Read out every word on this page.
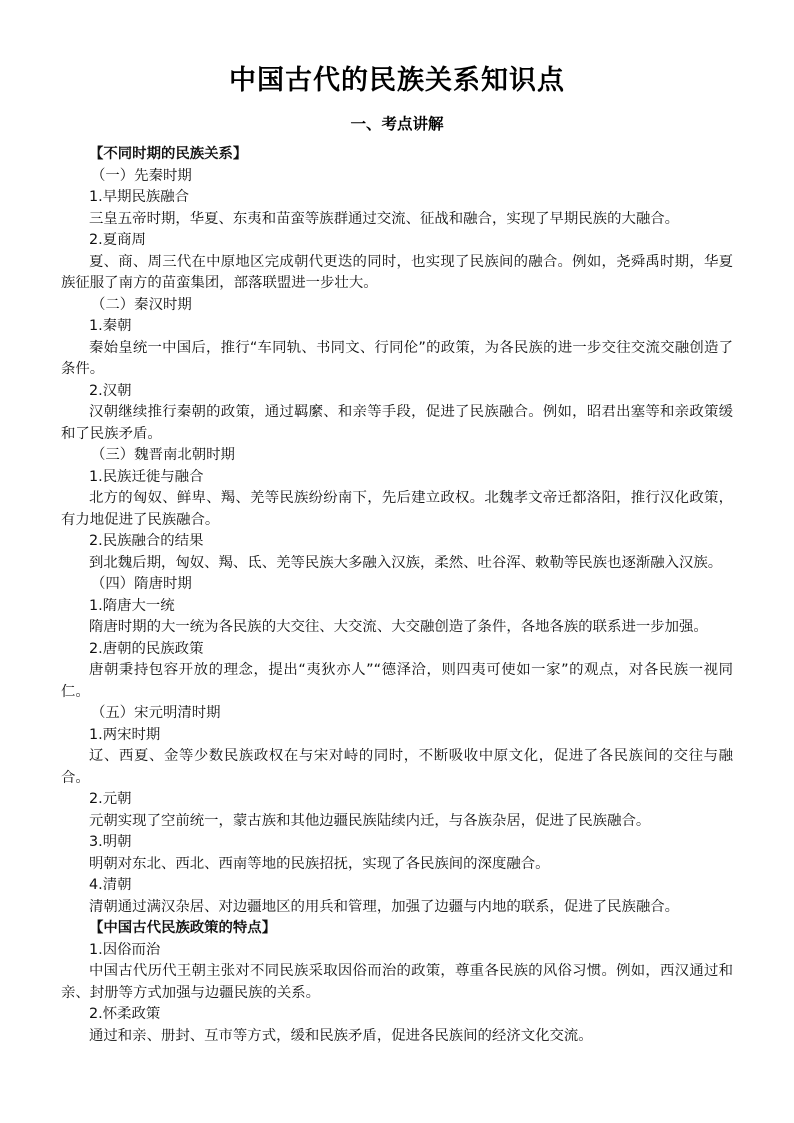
中国古代的民族关系知识点
一、考点讲解
【不同时期的民族关系】
（一）先秦时期
1.早期民族融合
三皇五帝时期，华夏、东夷和苗蛮等族群通过交流、征战和融合，实现了早期民族的大融合。
2.夏商周
夏、商、周三代在中原地区完成朝代更迭的同时，也实现了民族间的融合。例如，尧舜禹时期，华夏族征服了南方的苗蛮集团，部落联盟进一步壮大。
（二）秦汉时期
1.秦朝
秦始皇统一中国后，推行“车同轨、书同文、行同伦”的政策，为各民族的进一步交往交流交融创造了条件。
2.汉朝
汉朝继续推行秦朝的政策，通过羁縻、和亲等手段，促进了民族融合。例如，昭君出塞等和亲政策缓和了民族矛盾。
（三）魏晋南北朝时期
1.民族迁徙与融合
北方的匈奴、鲜卑、羯、羌等民族纷纷南下，先后建立政权。北魏孝文帝迁都洛阳，推行汉化政策，有力地促进了民族融合。
2.民族融合的结果
到北魏后期，匈奴、羯、氐、羌等民族大多融入汉族，柔然、吐谷浑、敕勒等民族也逐渐融入汉族。
（四）隋唐时期
1.隋唐大一统
隋唐时期的大一统为各民族的大交往、大交流、大交融创造了条件，各地各族的联系进一步加强。
2.唐朝的民族政策
唐朝秉持包容开放的理念，提出“夷狄亦人”“德泽洽，则四夷可使如一家”的观点，对各民族一视同仁。
（五）宋元明清时期
1.两宋时期
辽、西夏、金等少数民族政权在与宋对峙的同时，不断吸收中原文化，促进了各民族间的交往与融合。
2.元朝
元朝实现了空前统一，蒙古族和其他边疆民族陆续内迁，与各族杂居，促进了民族融合。
3.明朝
明朝对东北、西北、西南等地的民族招抚，实现了各民族间的深度融合。
4.清朝
清朝通过满汉杂居、对边疆地区的用兵和管理，加强了边疆与内地的联系，促进了民族融合。
【中国古代民族政策的特点】
1.因俗而治
中国古代历代王朝主张对不同民族采取因俗而治的政策，尊重各民族的风俗习惯。例如，西汉通过和亲、封册等方式加强与边疆民族的关系。
2.怀柔政策
通过和亲、册封、互市等方式，缓和民族矛盾，促进各民族间的经济文化交流。
